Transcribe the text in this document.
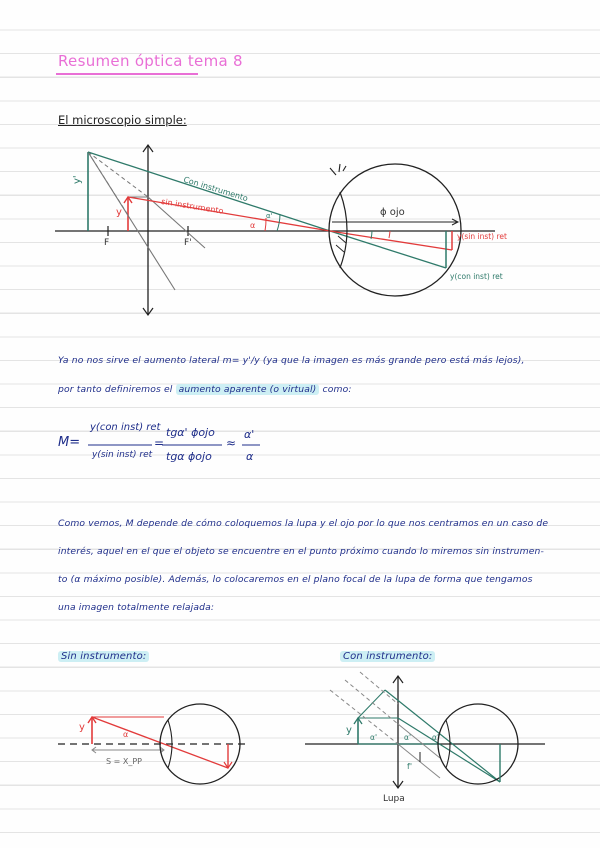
Resumen óptica tema 8
El microscopio simple:
Con instrumento
sin instrumento
y'
y
F	F'
α'
α
ϕ ojo
y(sin inst) ret
y(con inst) ret
Ya no nos sirve el aumento lateral m= y'/y (ya que la imagen es más grande pero está más lejos),
por tanto definiremos el aumento aparente (o virtual) como:
M=
y(con inst) ret
y(sin inst) ret
=
tgα' ϕojo
tgα ϕojo
≈
α'
α
Como vemos, M depende de cómo coloquemos la lupa y el ojo por lo que nos centramos en un caso de
interés, aquel en el que el objeto se encuentre en el punto próximo cuando lo miremos sin instrumen-
to (α máximo posible). Además, lo colocaremos en el plano focal de la lupa de forma que tengamos
una imagen totalmente relajada:
Sin instrumento:	Con instrumento:
y
α
S = X_PP
y
α'	α'	α'
f'
Lupa
